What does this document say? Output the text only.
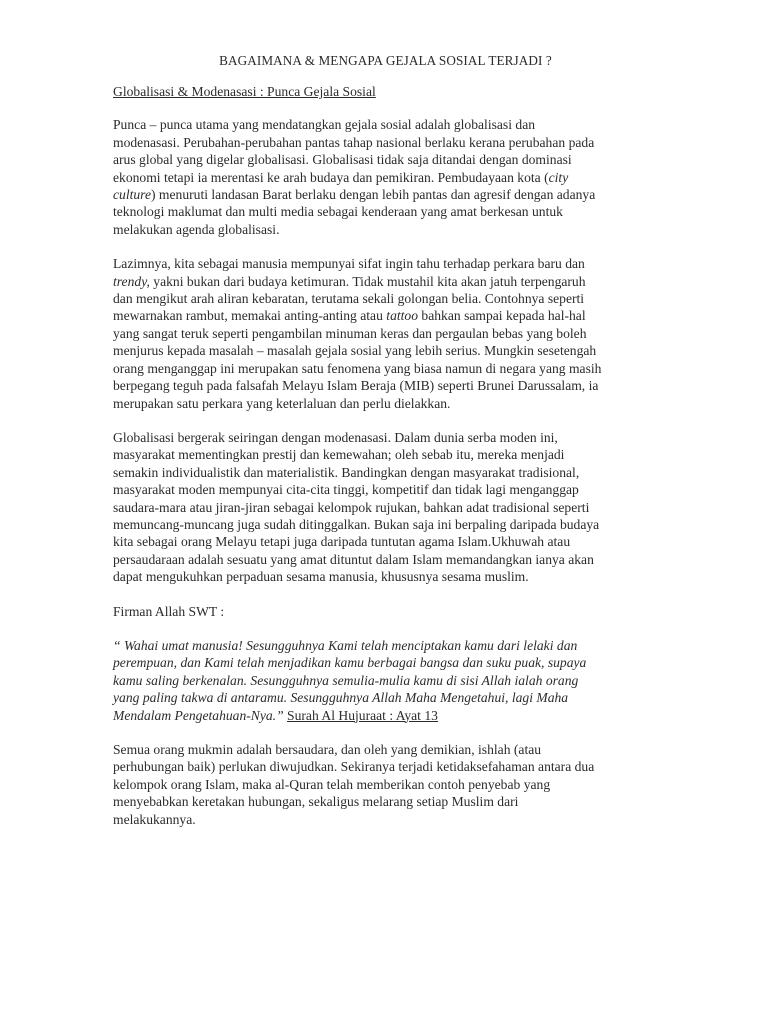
BAGAIMANA & MENGAPA GEJALA SOSIAL TERJADI ?
Globalisasi & Modenasasi : Punca Gejala Sosial
Punca – punca utama yang mendatangkan gejala sosial adalah globalisasi dan
modenasasi. Perubahan-perubahan pantas tahap nasional berlaku kerana perubahan pada
arus global yang digelar globalisasi. Globalisasi tidak saja ditandai dengan dominasi
ekonomi tetapi ia merentasi ke arah budaya dan pemikiran. Pembudayaan kota (city
culture) menuruti landasan Barat berlaku dengan lebih pantas dan agresif dengan adanya
teknologi maklumat dan multi media sebagai kenderaan yang amat berkesan untuk
melakukan agenda globalisasi.
Lazimnya, kita sebagai manusia mempunyai sifat ingin tahu terhadap perkara baru dan
trendy, yakni bukan dari budaya ketimuran. Tidak mustahil kita akan jatuh terpengaruh
dan mengikut arah aliran kebaratan, terutama sekali golongan belia. Contohnya seperti
mewarnakan rambut, memakai anting-anting atau tattoo bahkan sampai kepada hal-hal
yang sangat teruk seperti pengambilan minuman keras dan pergaulan bebas yang boleh
menjurus kepada masalah – masalah gejala sosial yang lebih serius. Mungkin sesetengah
orang menganggap ini merupakan satu fenomena yang biasa namun di negara yang masih
berpegang teguh pada falsafah Melayu Islam Beraja (MIB) seperti Brunei Darussalam, ia
merupakan satu perkara yang keterlaluan dan perlu dielakkan.
Globalisasi bergerak seiringan dengan modenasasi. Dalam dunia serba moden ini,
masyarakat mementingkan prestij dan kemewahan; oleh sebab itu, mereka menjadi
semakin individualistik dan materialistik. Bandingkan dengan masyarakat tradisional,
masyarakat moden mempunyai cita-cita tinggi, kompetitif dan tidak lagi menganggap
saudara-mara atau jiran-jiran sebagai kelompok rujukan, bahkan adat tradisional seperti
memuncang-muncang juga sudah ditinggalkan. Bukan saja ini berpaling daripada budaya
kita sebagai orang Melayu tetapi juga daripada tuntutan agama Islam.Ukhuwah atau
persaudaraan adalah sesuatu yang amat dituntut dalam Islam memandangkan ianya akan
dapat mengukuhkan perpaduan sesama manusia, khususnya sesama muslim.
Firman Allah SWT :
“ Wahai umat manusia! Sesungguhnya Kami telah menciptakan kamu dari lelaki dan
perempuan, dan Kami telah menjadikan kamu berbagai bangsa dan suku puak, supaya
kamu saling berkenalan. Sesungguhnya semulia-mulia kamu di sisi Allah ialah orang
yang paling takwa di antaramu. Sesungguhnya Allah Maha Mengetahui, lagi Maha
Mendalam Pengetahuan-Nya.” Surah Al Hujuraat : Ayat 13
Semua orang mukmin adalah bersaudara, dan oleh yang demikian, ishlah (atau
perhubungan baik) perlukan diwujudkan. Sekiranya terjadi ketidaksefahaman antara dua
kelompok orang Islam, maka al-Quran telah memberikan contoh penyebab yang
menyebabkan keretakan hubungan, sekaligus melarang setiap Muslim dari
melakukannya.
